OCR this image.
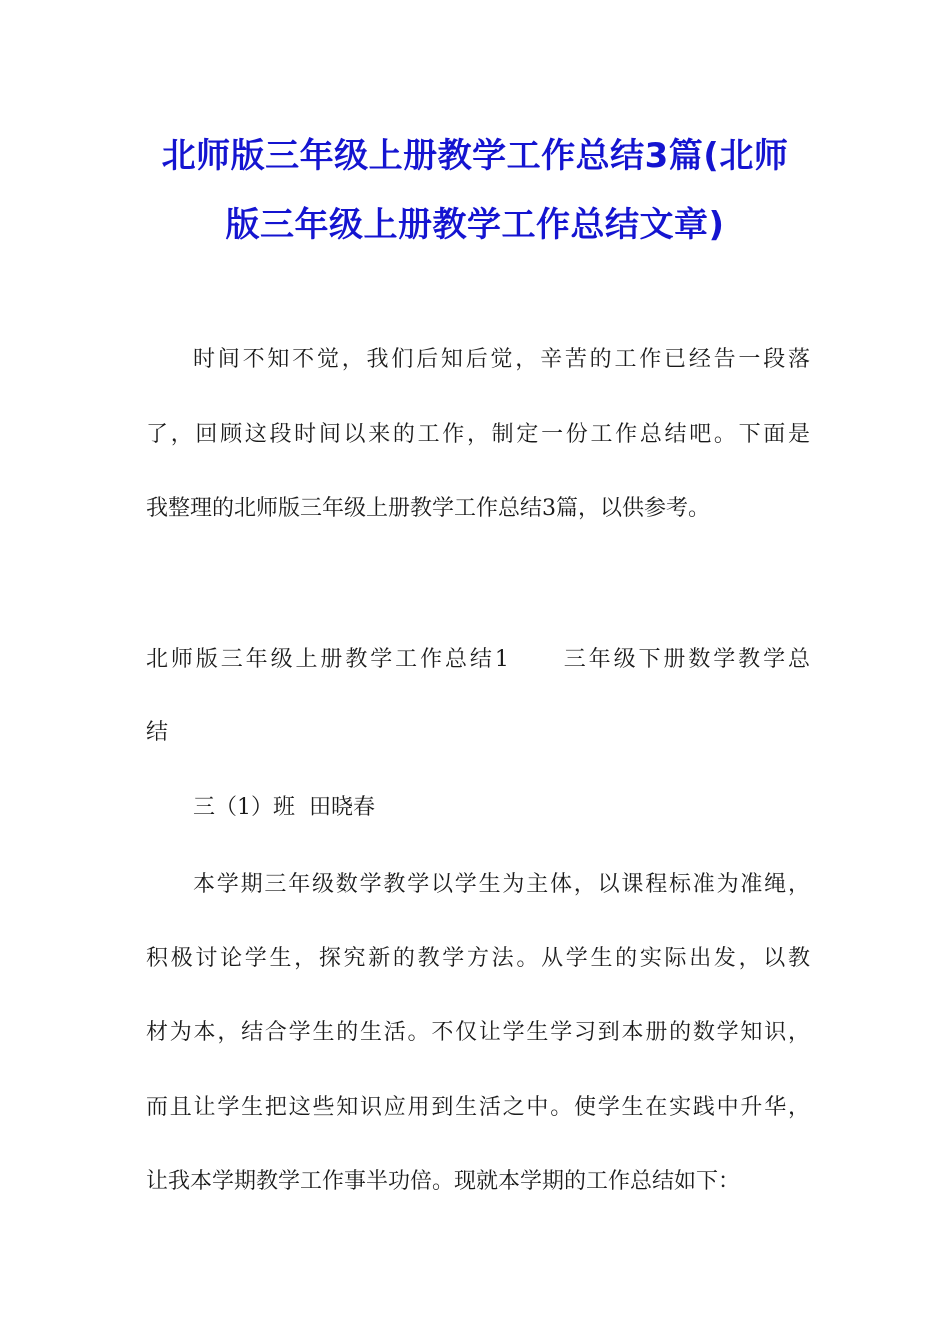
北师版三年级上册教学工作总结3篇(北师
版三年级上册教学工作总结文章)
时间不知不觉，我们后知后觉，辛苦的工作已经告一段落
了，回顾这段时间以来的工作，制定一份工作总结吧。下面是
我整理的北师版三年级上册教学工作总结3篇，以供参考。
北师版三年级上册教学工作总结1 三年级下册数学教学总
结
三（1）班  田晓春
本学期三年级数学教学以学生为主体，以课程标准为准绳，
积极讨论学生，探究新的教学方法。从学生的实际出发，以教
材为本，结合学生的生活。不仅让学生学习到本册的数学知识，
而且让学生把这些知识应用到生活之中。使学生在实践中升华，
让我本学期教学工作事半功倍。现就本学期的工作总结如下：
